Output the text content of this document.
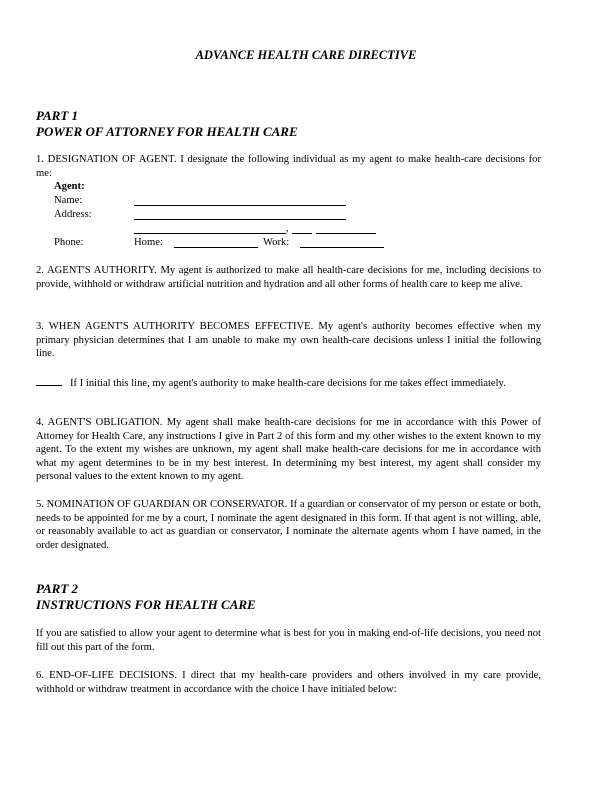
ADVANCE HEALTH CARE DIRECTIVE
PART 1
POWER OF ATTORNEY FOR HEALTH CARE

1. DESIGNATION OF AGENT. I designate the following individual as my agent to make health-care decisions for me:

Agent:
Name:
Address:
,
Phone:	Home:	Work:

2. AGENT'S AUTHORITY. My agent is authorized to make all health-care decisions for me, including decisions to provide, withhold or withdraw artificial nutrition and hydration and all other forms of health care to keep me alive.

3. WHEN AGENT'S AUTHORITY BECOMES EFFECTIVE. My agent's authority becomes effective when my primary physician determines that I am unable to make my own health-care decisions unless I initial the following line.

If I initial this line, my agent's authority to make health-care decisions for me takes effect immediately.

4. AGENT'S OBLIGATION. My agent shall make health-care decisions for me in accordance with this Power of Attorney for Health Care, any instructions I give in Part 2 of this form and my other wishes to the extent known to my agent. To the extent my wishes are unknown, my agent shall make health-care decisions for me in accordance with what my agent determines to be in my best interest. In determining my best interest, my agent shall consider my personal values to the extent known to my agent.

5. NOMINATION OF GUARDIAN OR CONSERVATOR. If a guardian or conservator of my person or estate or both, needs to be appointed for me by a court, I nominate the agent designated in this form. If that agent is not willing, able, or reasonably available to act as guardian or conservator, I nominate the alternate agents whom I have named, in the order designated.

PART 2
INSTRUCTIONS FOR HEALTH CARE

If you are satisfied to allow your agent to determine what is best for you in making end-of-life decisions, you need not fill out this part of the form.

6. END-OF-LIFE DECISIONS. I direct that my health-care providers and others involved in my care provide, withhold or withdraw treatment in accordance with the choice I have initialed below:
